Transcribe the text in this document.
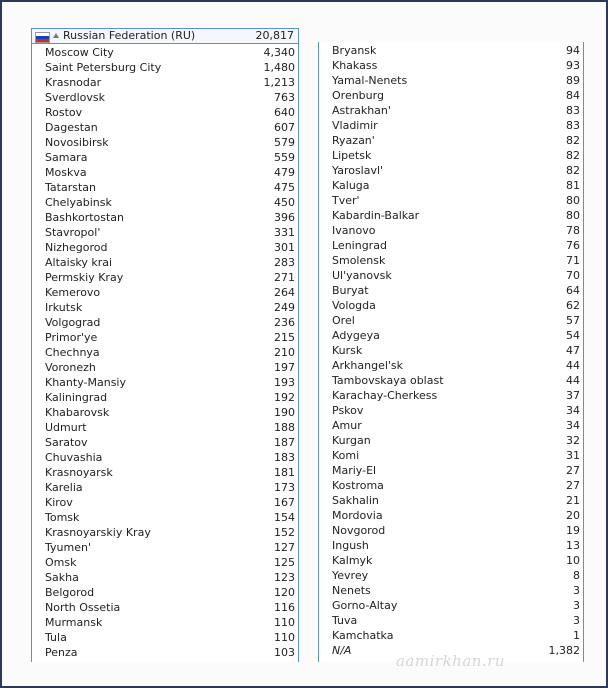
Russian Federation (RU)	20,817
Moscow City	4,340
Saint Petersburg City	1,480
Krasnodar	1,213
Sverdlovsk	763
Rostov	640
Dagestan	607
Novosibirsk	579
Samara	559
Moskva	479
Tatarstan	475
Chelyabinsk	450
Bashkortostan	396
Stavropol'	331
Nizhegorod	301
Altaisky krai	283
Permskiy Kray	271
Kemerovo	264
Irkutsk	249
Volgograd	236
Primor'ye	215
Chechnya	210
Voronezh	197
Khanty-Mansiy	193
Kaliningrad	192
Khabarovsk	190
Udmurt	188
Saratov	187
Chuvashia	183
Krasnoyarsk	181
Karelia	173
Kirov	167
Tomsk	154
Krasnoyarskiy Kray	152
Tyumen'	127
Omsk	125
Sakha	123
Belgorod	120
North Ossetia	116
Murmansk	110
Tula	110
Penza	103
Bryansk	94
Khakass	93
Yamal-Nenets	89
Orenburg	84
Astrakhan'	83
Vladimir	83
Ryazan'	82
Lipetsk	82
Yaroslavl'	82
Kaluga	81
Tver'	80
Kabardin-Balkar	80
Ivanovo	78
Leningrad	76
Smolensk	71
Ul'yanovsk	70
Buryat	64
Vologda	62
Orel	57
Adygeya	54
Kursk	47
Arkhangel'sk	44
Tambovskaya oblast	44
Karachay-Cherkess	37
Pskov	34
Amur	34
Kurgan	32
Komi	31
Mariy-El	27
Kostroma	27
Sakhalin	21
Mordovia	20
Novgorod	19
Ingush	13
Kalmyk	10
Yevrey	8
Nenets	3
Gorno-Altay	3
Tuva	3
Kamchatka	1
N/A	1,382
aamirkhan.ru
